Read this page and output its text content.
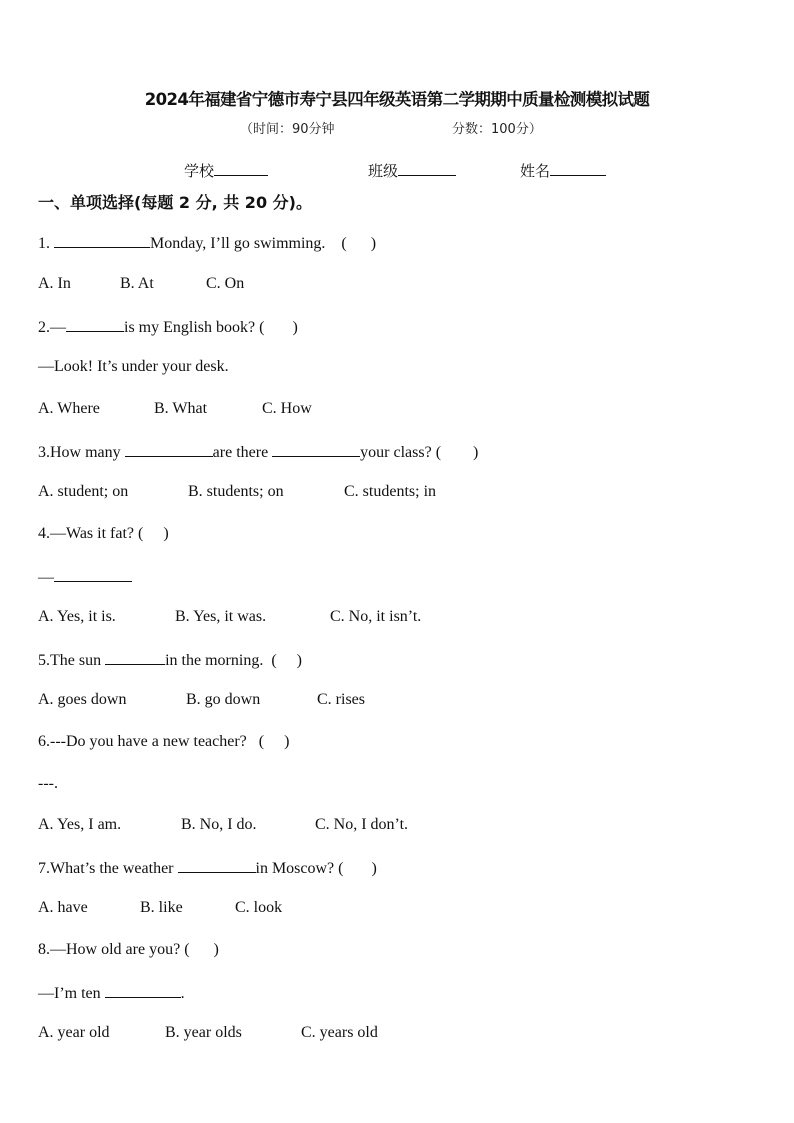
2024年福建省宁德市寿宁县四年级英语第二学期期中质量检测模拟试题
（时间：90分钟	分数：100分）
学校	班级	姓名
一、单项选择(每题 2 分, 共 20 分)。
1.	Monday, I’ll go swimming.    (      )
A. In	B. At	C. On
2.—	is my English book? (       )
—Look! It’s under your desk.
A. Where	B. What	C. How
3.How many	are there	your class? (        )
A. student; on	B. students; on	C. students; in
4.—Was it fat? (     )
—
A. Yes, it is.	B. Yes, it was.	C. No, it isn’t.
5.The sun	in the morning.  (     )
A. goes down	B. go down	C. rises
6.---Do you have a new teacher?   (     )
---.
A. Yes, I am.	B. No, I do.	C. No, I don’t.
7.What’s the weather	in Moscow? (       )
A. have	B. like	C. look
8.—How old are you? (      )
—I’m ten	.
A. year old	B. year olds	C. years old
